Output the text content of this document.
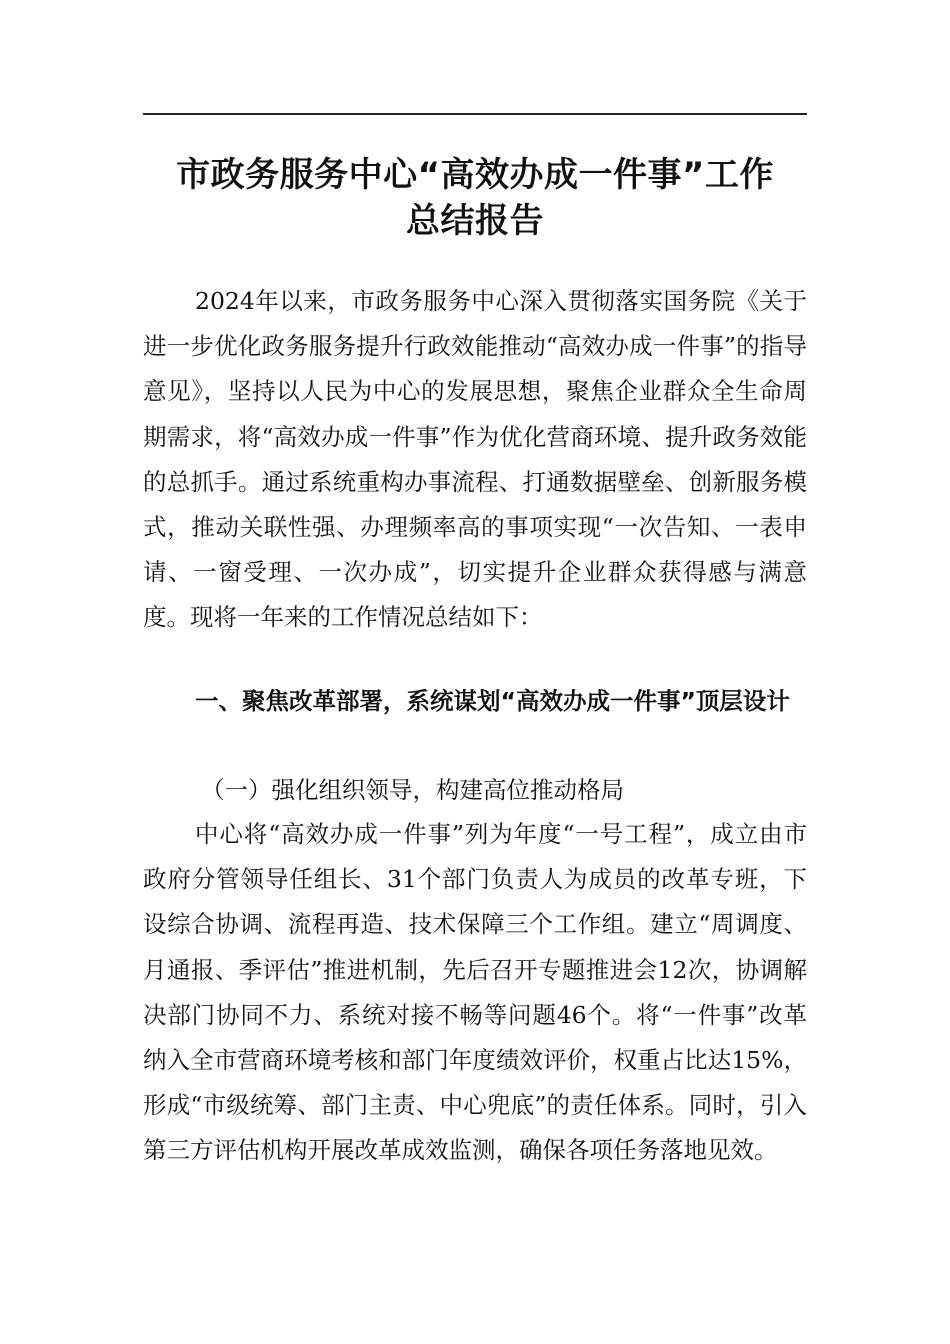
市政务服务中心“高效办成一件事”工作
总结报告

2024年以来，市政务服务中心深入贯彻落实国务院《关于进一步优化政务服务提升行政效能推动“高效办成一件事”的指导意见》，坚持以人民为中心的发展思想，聚焦企业群众全生命周期需求，将“高效办成一件事”作为优化营商环境、提升政务效能的总抓手。通过系统重构办事流程、打通数据壁垒、创新服务模式，推动关联性强、办理频率高的事项实现“一次告知、一表申请、一窗受理、一次办成”，切实提升企业群众获得感与满意度。现将一年来的工作情况总结如下：

一、聚焦改革部署，系统谋划“高效办成一件事”顶层设计

（一）强化组织领导，构建高位推动格局

中心将“高效办成一件事”列为年度“一号工程”，成立由市政府分管领导任组长、31个部门负责人为成员的改革专班，下设综合协调、流程再造、技术保障三个工作组。建立“周调度、月通报、季评估”推进机制，先后召开专题推进会12次，协调解决部门协同不力、系统对接不畅等问题46个。将“一件事”改革纳入全市营商环境考核和部门年度绩效评价，权重占比达15%，形成“市级统筹、部门主责、中心兜底”的责任体系。同时，引入第三方评估机构开展改革成效监测，确保各项任务落地见效。
